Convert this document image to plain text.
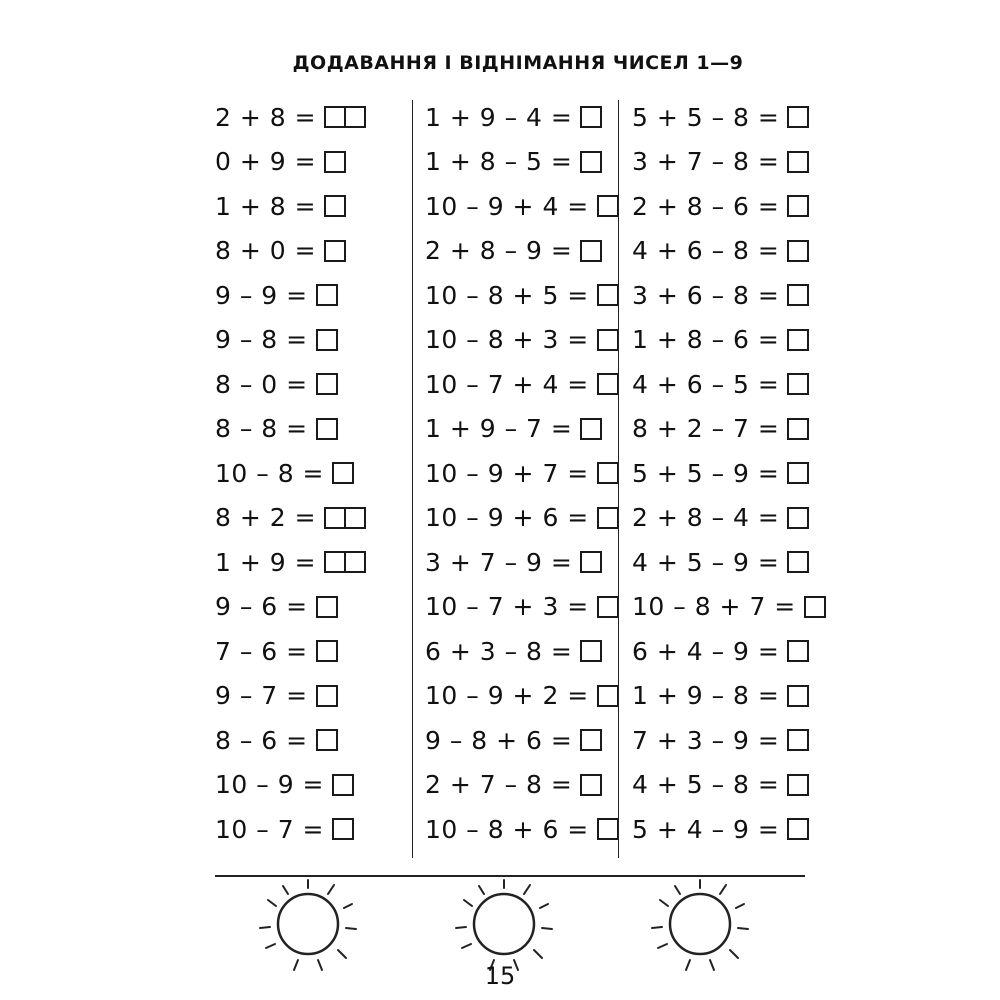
ДОДАВАННЯ І ВІДНІМАННЯ ЧИСЕЛ 1—9
2 + 8 =
0 + 9 =
1 + 8 =
8 + 0 =
9 – 9 =
9 – 8 =
8 – 0 =
8 – 8 =
10 – 8 =
8 + 2 =
1 + 9 =
9 – 6 =
7 – 6 =
9 – 7 =
8 – 6 =
10 – 9 =
10 – 7 =
1 + 9 – 4 =
1 + 8 – 5 =
10 – 9 + 4 =
2 + 8 – 9 =
10 – 8 + 5 =
10 – 8 + 3 =
10 – 7 + 4 =
1 + 9 – 7 =
10 – 9 + 7 =
10 – 9 + 6 =
3 + 7 – 9 =
10 – 7 + 3 =
6 + 3 – 8 =
10 – 9 + 2 =
9 – 8 + 6 =
2 + 7 – 8 =
10 – 8 + 6 =
5 + 5 – 8 =
3 + 7 – 8 =
2 + 8 – 6 =
4 + 6 – 8 =
3 + 6 – 8 =
1 + 8 – 6 =
4 + 6 – 5 =
8 + 2 – 7 =
5 + 5 – 9 =
2 + 8 – 4 =
4 + 5 – 9 =
10 – 8 + 7 =
6 + 4 – 9 =
1 + 9 – 8 =
7 + 3 – 9 =
4 + 5 – 8 =
5 + 4 – 9 =
15
